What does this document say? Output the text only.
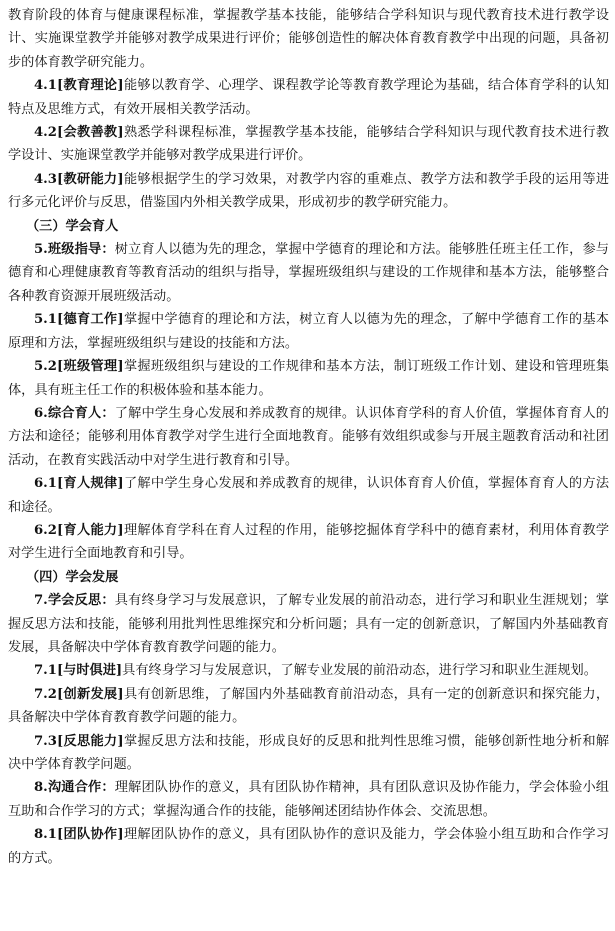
教育阶段的体育与健康课程标准，掌握教学基本技能，能够结合学科知识与现代教育技术进行教学设计、实施课堂教学并能够对教学成果进行评价；能够创造性的解决体育教育教学中出现的问题，具备初步的体育教学研究能力。

4.1[教育理论]能够以教育学、心理学、课程教学论等教育教学理论为基础，结合体育学科的认知特点及思维方式，有效开展相关教学活动。

4.2[会教善教]熟悉学科课程标准，掌握教学基本技能，能够结合学科知识与现代教育技术进行教学设计、实施课堂教学并能够对教学成果进行评价。

4.3[教研能力]能够根据学生的学习效果，对教学内容的重难点、教学方法和教学手段的运用等进行多元化评价与反思，借鉴国内外相关教学成果，形成初步的教学研究能力。

（三）学会育人

5.班级指导：树立育人以德为先的理念，掌握中学德育的理论和方法。能够胜任班主任工作，参与德育和心理健康教育等教育活动的组织与指导，掌握班级组织与建设的工作规律和基本方法，能够整合各种教育资源开展班级活动。

5.1[德育工作]掌握中学德育的理论和方法，树立育人以德为先的理念，了解中学德育工作的基本原理和方法，掌握班级组织与建设的技能和方法。

5.2[班级管理]掌握班级组织与建设的工作规律和基本方法，制订班级工作计划、建设和管理班集体，具有班主任工作的积极体验和基本能力。

6.综合育人：了解中学生身心发展和养成教育的规律。认识体育学科的育人价值，掌握体育育人的方法和途径；能够利用体育教学对学生进行全面地教育。能够有效组织或参与开展主题教育活动和社团活动，在教育实践活动中对学生进行教育和引导。

6.1[育人规律]了解中学生身心发展和养成教育的规律，认识体育育人价值，掌握体育育人的方法和途径。

6.2[育人能力]理解体育学科在育人过程的作用，能够挖掘体育学科中的德育素材，利用体育教学对学生进行全面地教育和引导。

（四）学会发展

7.学会反思：具有终身学习与发展意识，了解专业发展的前沿动态，进行学习和职业生涯规划；掌握反思方法和技能，能够利用批判性思维探究和分析问题；具有一定的创新意识，了解国内外基础教育发展，具备解决中学体育教育教学问题的能力。

7.1[与时俱进]具有终身学习与发展意识，了解专业发展的前沿动态，进行学习和职业生涯规划。

7.2[创新发展]具有创新思维，了解国内外基础教育前沿动态，具有一定的创新意识和探究能力，具备解决中学体育教育教学问题的能力。

7.3[反思能力]掌握反思方法和技能，形成良好的反思和批判性思维习惯，能够创新性地分析和解决中学体育教学问题。

8.沟通合作：理解团队协作的意义，具有团队协作精神，具有团队意识及协作能力，学会体验小组互助和合作学习的方式；掌握沟通合作的技能，能够阐述团结协作体会、交流思想。

8.1[团队协作]理解团队协作的意义，具有团队协作的意识及能力，学会体验小组互助和合作学习的方式。
